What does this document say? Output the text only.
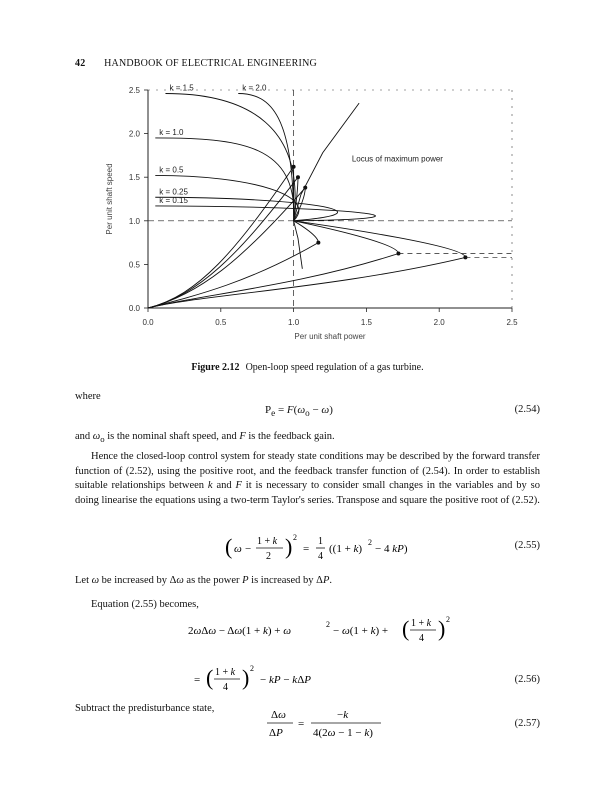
42 HANDBOOK OF ELECTRICAL ENGINEERING
0.0	0.5	1.0	1.5	2.0	2.5
0.0
0.5
1.0
1.5
2.0
2.5
Per unit shaft power
Per unit shaft speed	k = 0.15
k = 0.25
k = 0.5
k = 1.0
k = 1.5	k = 2.0
Locus of maximum power
Figure 2.12 Open-loop speed regulation of a gas turbine.
where
$P_e = F(\omega_o - \omega)$	(2.54)
and $\omega_o$ is the nominal shaft speed, and F is the feedback gain.
Hence the closed-loop control system for steady state conditions may be described by the forward transfer function of (2.52), using the positive root, and the feedback transfer function of (2.54). In order to establish suitable relationships between k and F it is necessary to consider small changes in the variables and by so doing linearise the equations using a two-term Taylor's series. Transpose and square the positive root of (2.52).
( ω −
1 + k
2 ) 2
=
1
4
((1 + k)
2
− 4 kP)	(2.55)
Let ω be increased by Δω as the power P is increased by ΔP.
Equation (2.55) becomes,
2ωΔω − Δω(1 + k) + ω
2
− ω(1 + k) + ( 1 + k
4 ) 2
= ( 1 + k
4 ) 2
− kP − kΔP	(2.56)
Subtract the predisturbance state,
Δω
ΔP
=
−k
4(2ω − 1 − k)
(2.57)
